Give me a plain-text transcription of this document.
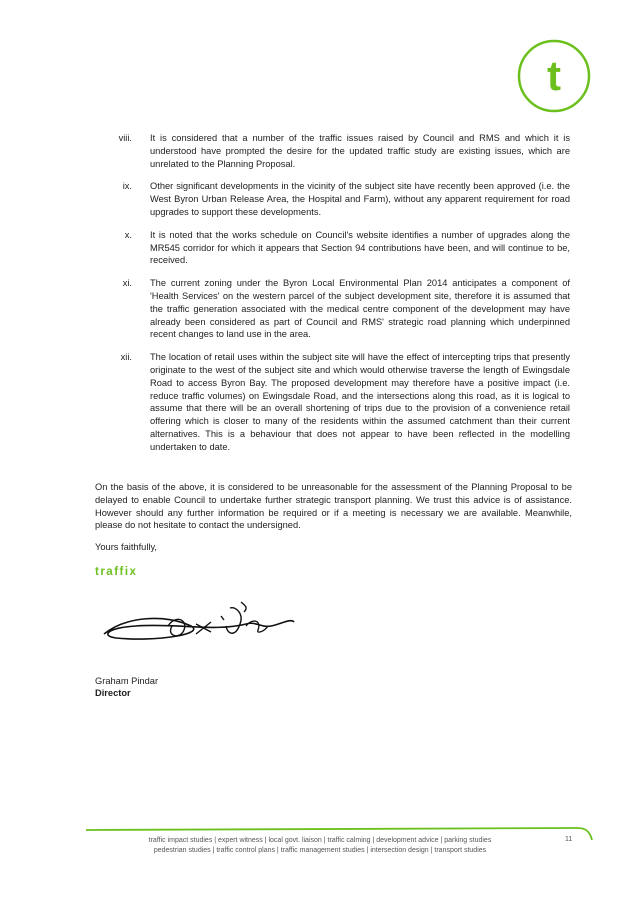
t
viii.	It is considered that a number of the traffic issues raised by Council and RMS and which it is understood have prompted the desire for the updated traffic study are existing issues, which are unrelated to the Planning Proposal.
ix.	Other significant developments in the vicinity of the subject site have recently been approved (i.e. the West Byron Urban Release Area, the Hospital and Farm), without any apparent requirement for road upgrades to support these developments.
x.	It is noted that the works schedule on Council's website identifies a number of upgrades along the MR545 corridor for which it appears that Section 94 contributions have been, and will continue to be, received.
xi.	The current zoning under the Byron Local Environmental Plan 2014 anticipates a component of 'Health Services' on the western parcel of the subject development site, therefore it is assumed that the traffic generation associated with the medical centre component of the development may have already been considered as part of Council and RMS' strategic road planning which underpinned recent changes to land use in the area.
xii.	The location of retail uses within the subject site will have the effect of intercepting trips that presently originate to the west of the subject site and which would otherwise traverse the length of Ewingsdale Road to access Byron Bay. The proposed development may therefore have a positive impact (i.e. reduce traffic volumes) on Ewingsdale Road, and the intersections along this road, as it is logical to assume that there will be an overall shortening of trips due to the provision of a convenience retail offering which is closer to many of the residents within the assumed catchment than their current alternatives. This is a behaviour that does not appear to have been reflected in the modelling undertaken to date.

On the basis of the above, it is considered to be unreasonable for the assessment of the Planning Proposal to be delayed to enable Council to undertake further strategic transport planning. We trust this advice is of assistance. However should any further information be required or if a meeting is necessary we are available. Meanwhile, please do not hesitate to contact the undersigned.

Yours faithfully,

traffix

Graham Pindar

Director

traffic impact studies | expert witness | local govt. liaison | traffic calming | development advice | parking studies
pedestrian studies | traffic control plans | traffic management studies | intersection design | transport studies
11
